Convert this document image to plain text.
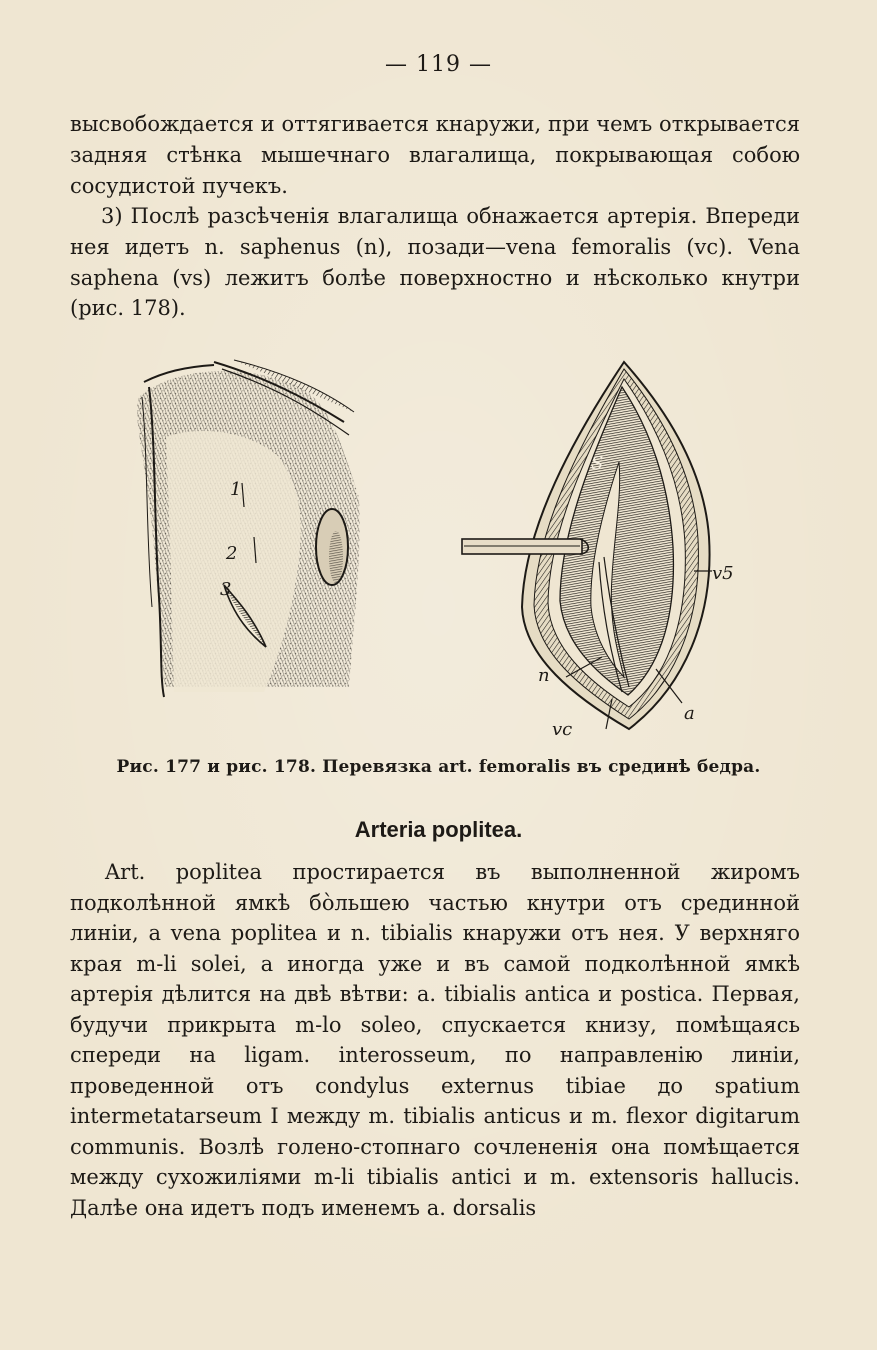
— 119 —
высвобождается и оттягивается кнаружи, при чемъ открывается задняя стѣнка мышечнаго влагалища, покрывающая собою сосудистой пучекъ.
3) Послѣ разсѣченія влагалища обнажается артерія. Впереди нея идетъ n. saphenus (n), позади—vena femoralis (vc). Vena saphena (vs) лежитъ болѣе поверхностно и нѣсколько кнутри (рис. 178).
1
2
3
S
v5
n
vc
a
Рис. 177 и рис. 178. Перевязка art. femoralis въ срединѣ бедра.
Arteria poplitea.
Art. poplitea простирается въ выполненной жиромъ подколѣнной ямкѣ бо̀льшею частью кнутри отъ срединной линіи, а vena poplitea и n. tibialis кнаружи отъ нея. У верхняго края m-li solei, а иногда уже и въ самой подколѣнной ямкѣ артерія дѣлится на двѣ вѣтви: a. tibialis antica и postica. Первая, будучи прикрыта m-lo soleo, спускается книзу, помѣщаясь спереди на ligam. interosseum, по направленію линіи, проведенной отъ condylus externus tibiae до spatium intermetatarseum I между m. tibialis anticus и m. flexor digitarum communis. Возлѣ голено-стопнаго сочлененія она помѣщается между сухожиліями m-li tibialis antici и m. extensoris hallucis. Далѣе она идетъ подъ именемъ a. dorsalis
